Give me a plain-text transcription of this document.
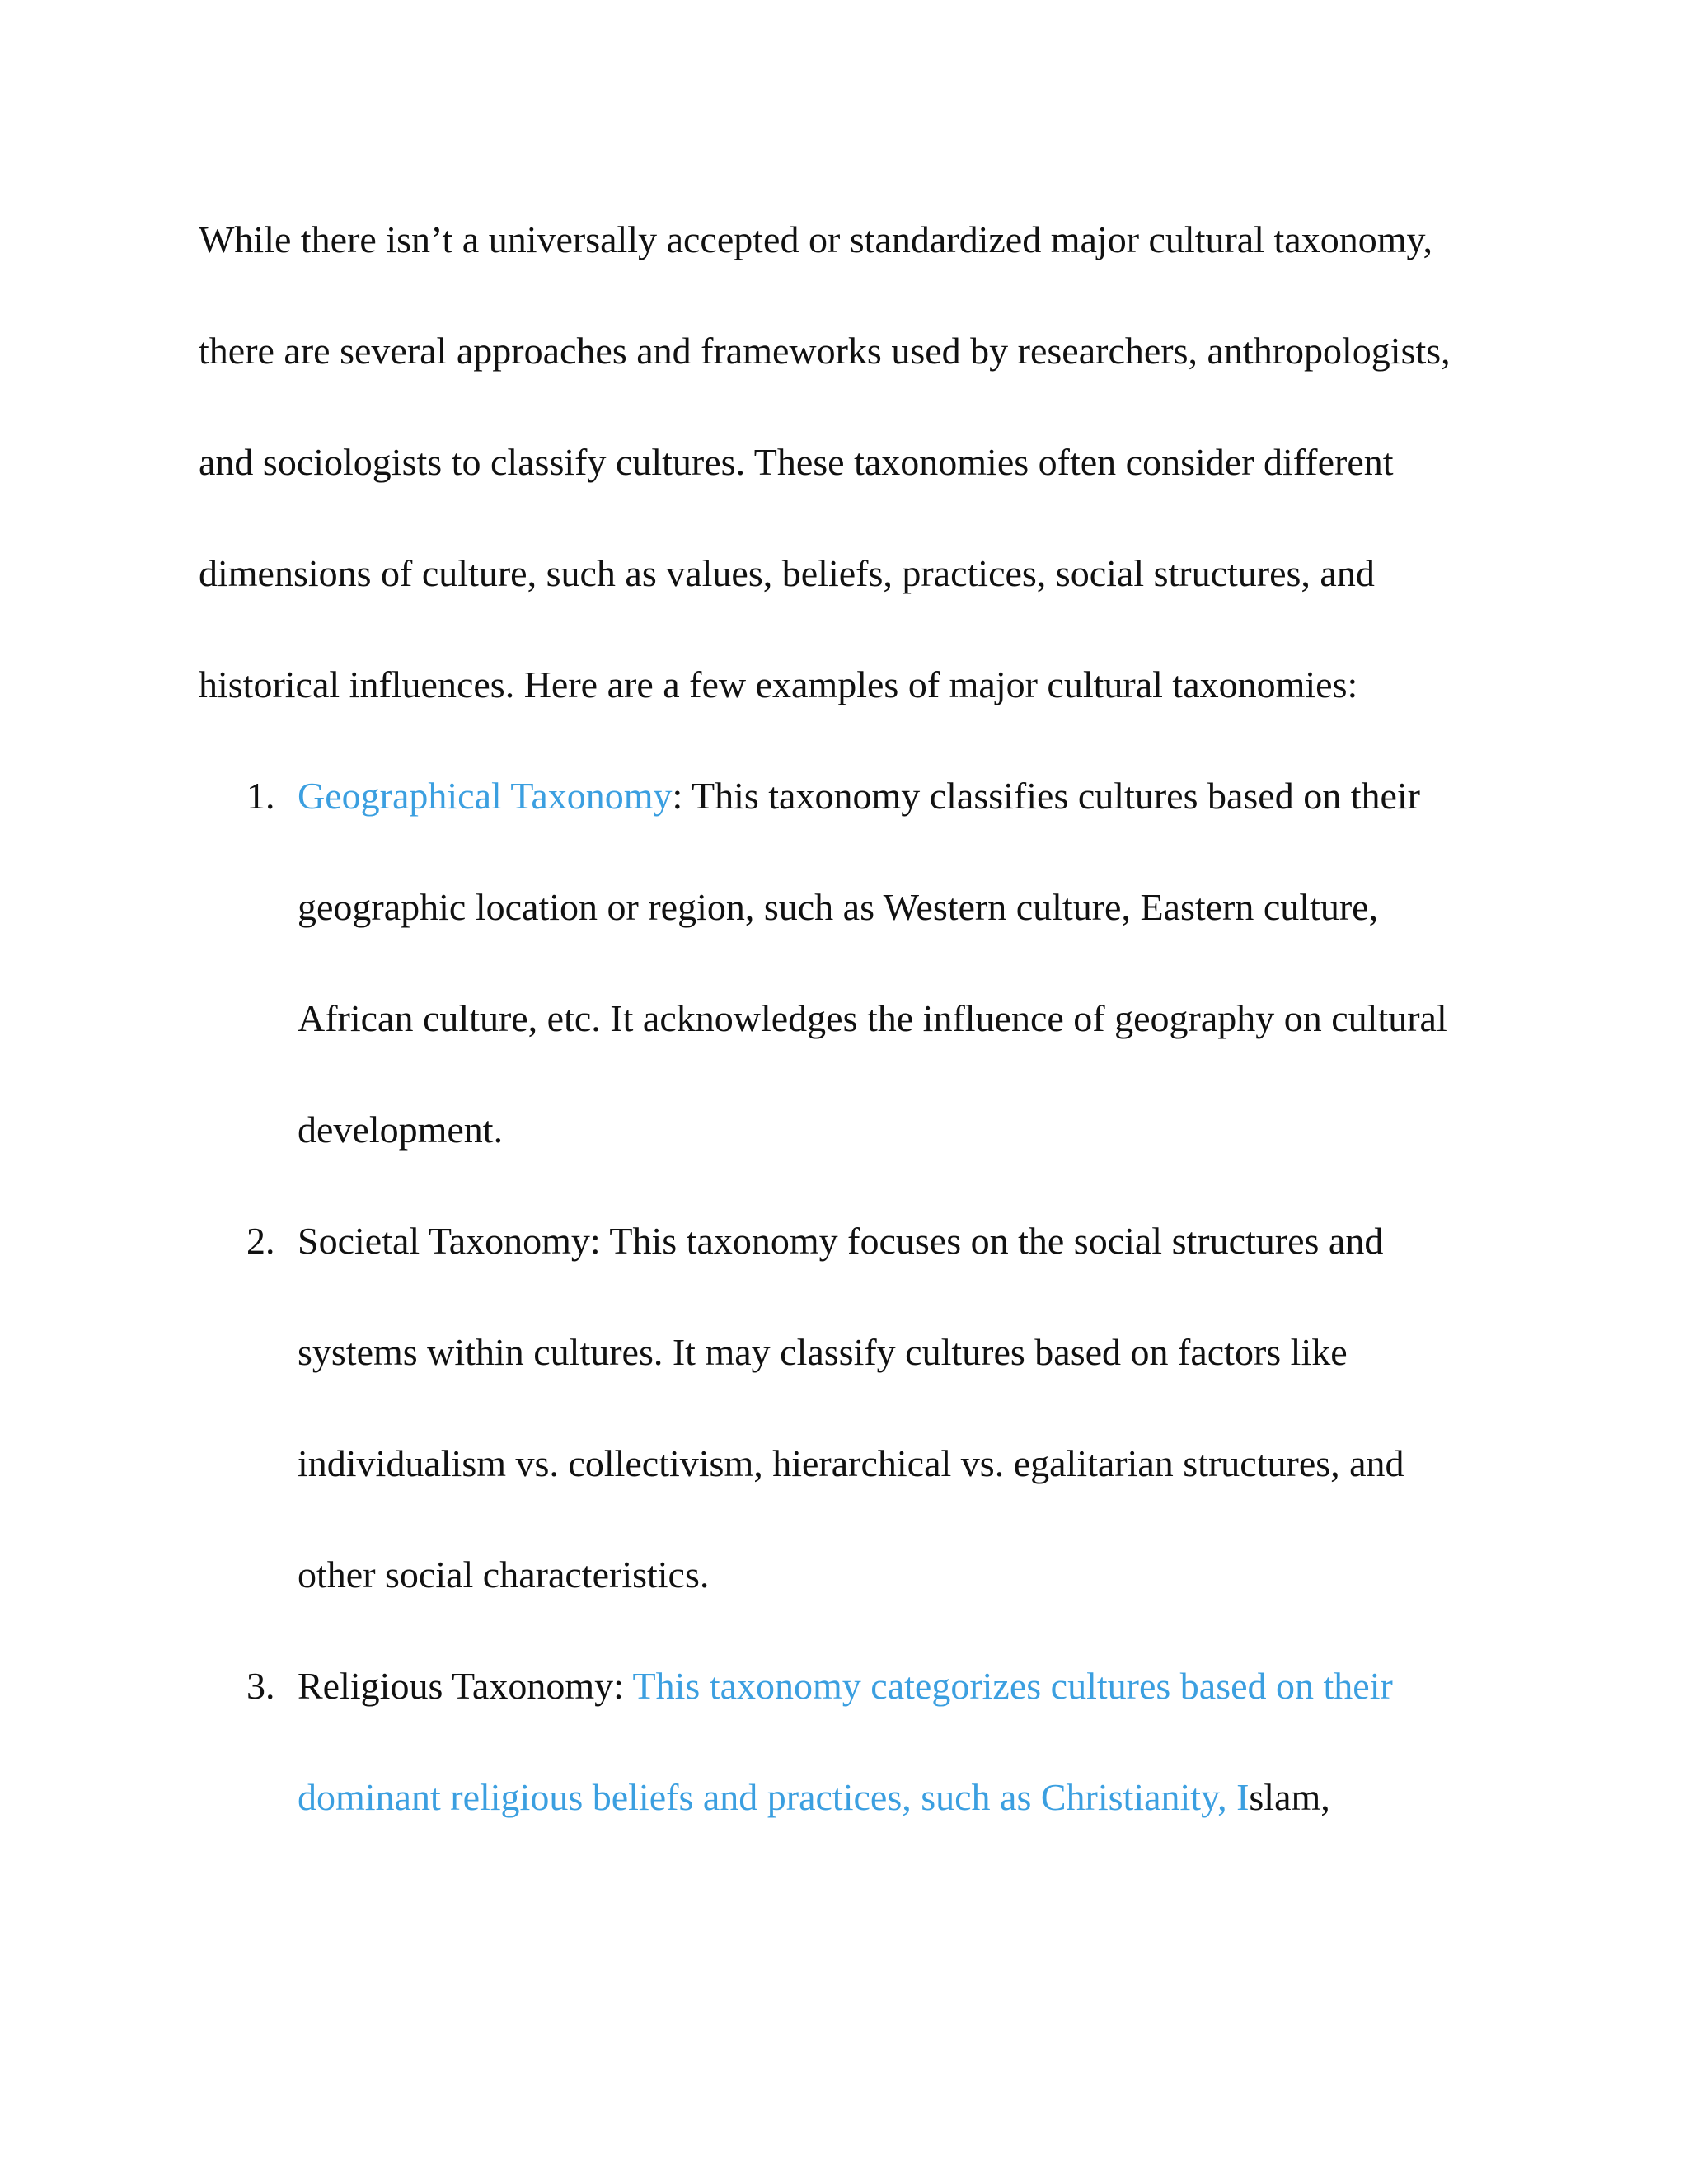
While there isn’t a universally accepted or standardized major cultural taxonomy,
there are several approaches and frameworks used by researchers, anthropologists,
and sociologists to classify cultures. These taxonomies often consider different
dimensions of culture, such as values, beliefs, practices, social structures, and
historical influences. Here are a few examples of major cultural taxonomies:

1. Geographical Taxonomy: This taxonomy classifies cultures based on their
geographic location or region, such as Western culture, Eastern culture,
African culture, etc. It acknowledges the influence of geography on cultural
development.
2. Societal Taxonomy: This taxonomy focuses on the social structures and
systems within cultures. It may classify cultures based on factors like
individualism vs. collectivism, hierarchical vs. egalitarian structures, and
other social characteristics.
3. Religious Taxonomy: This taxonomy categorizes cultures based on their
dominant religious beliefs and practices, such as Christianity, Islam,
